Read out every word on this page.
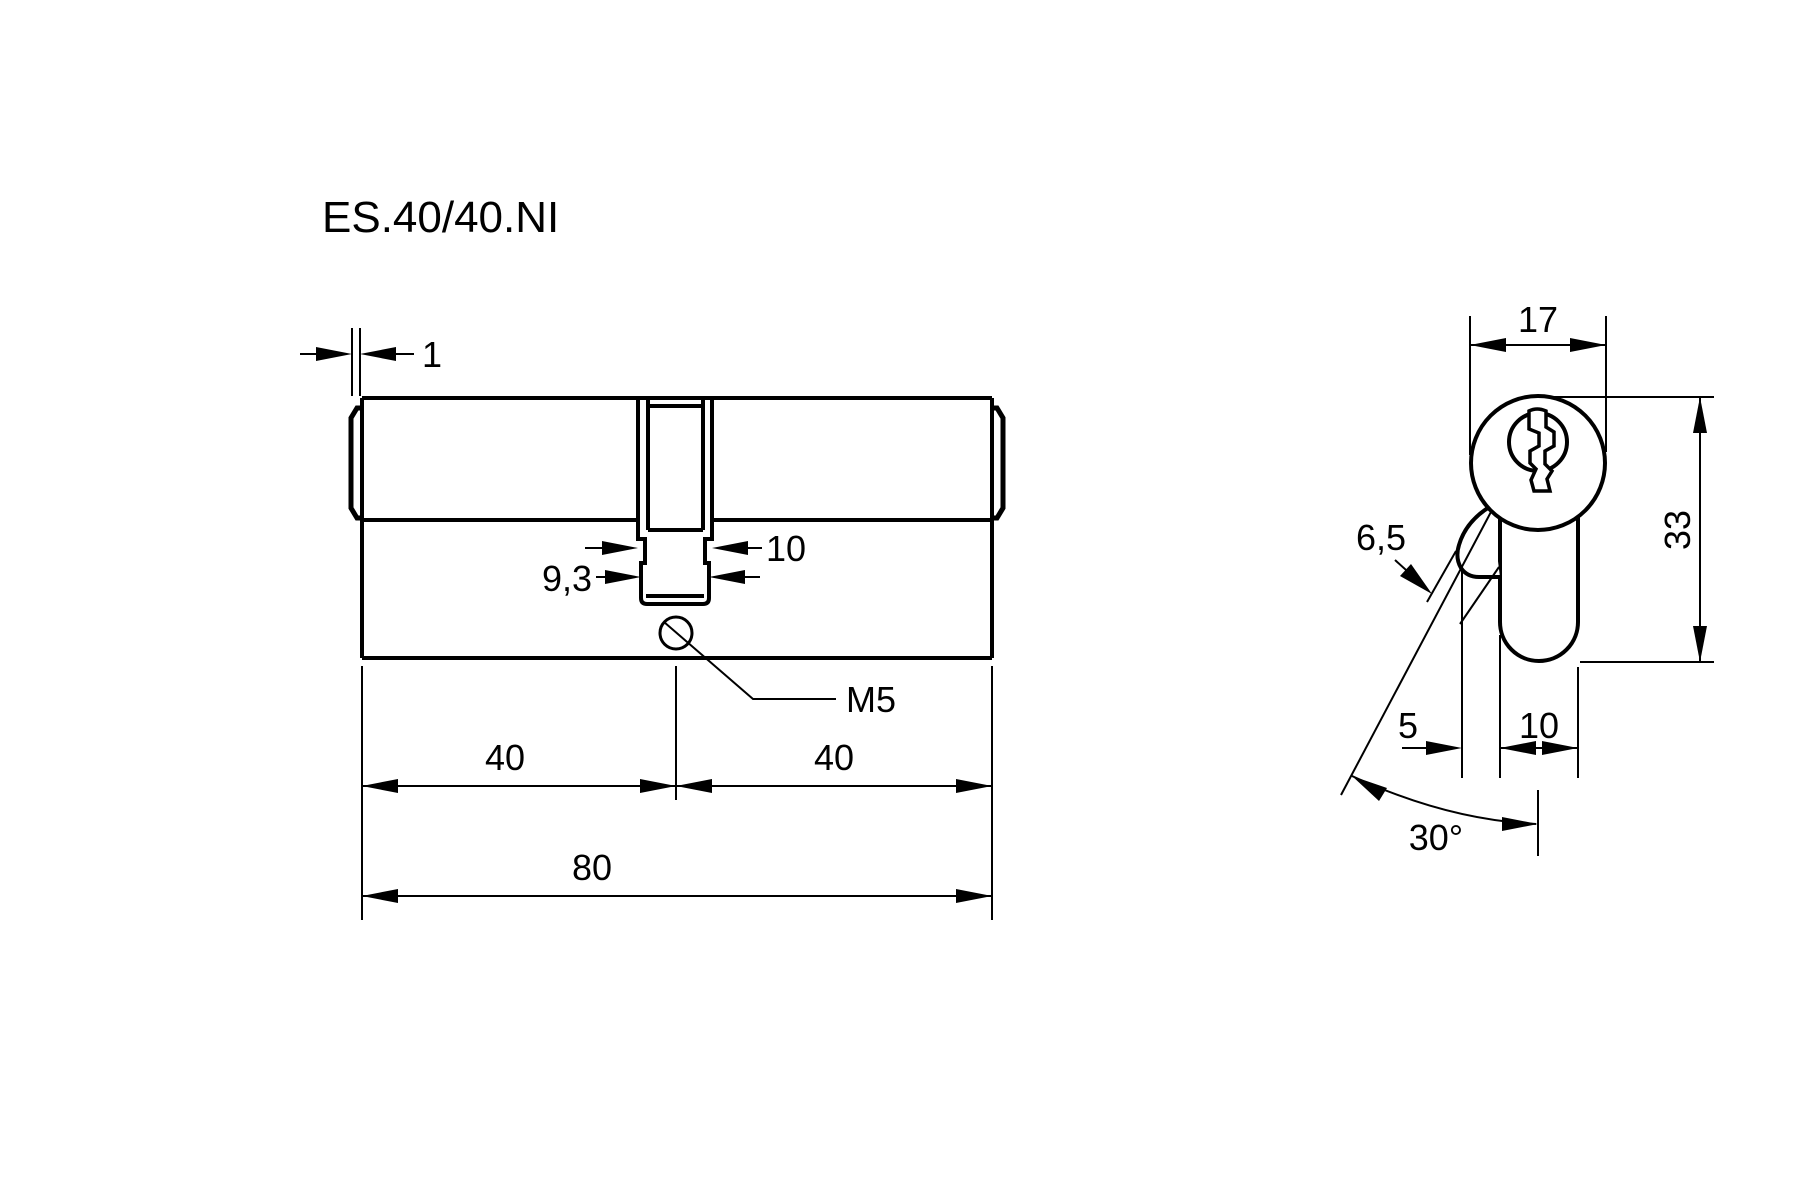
ES.40/40.NI
1
10
9,3
M5
40	40
80
17
33
6,5
5	10
30°
